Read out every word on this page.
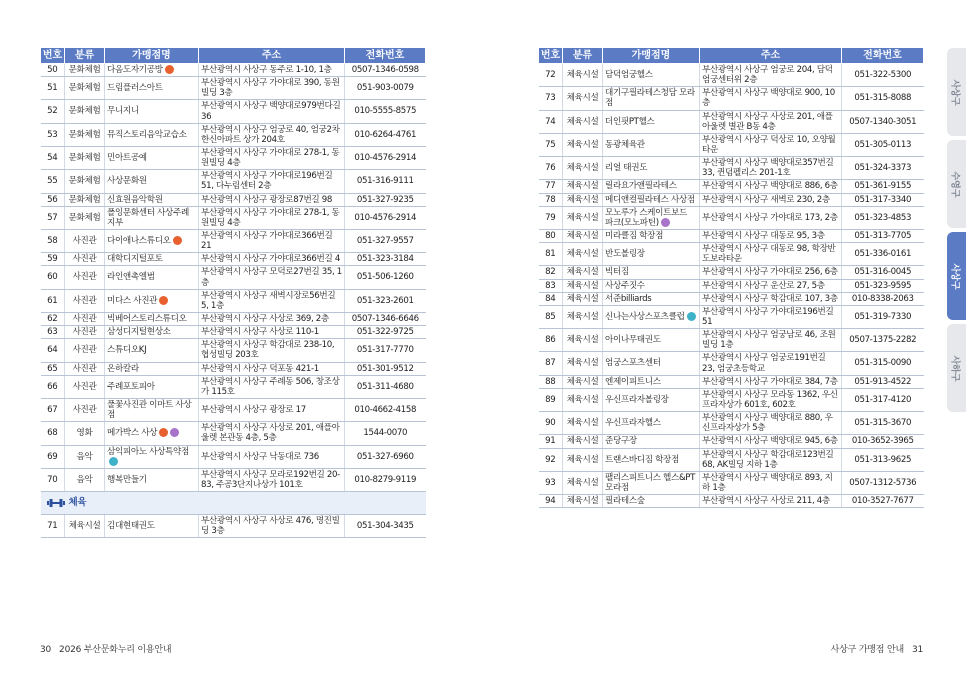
번호	분류	가맹점명	주소	전화번호
50	문화체험	다옴도자기공방	부산광역시 사상구 동주로 1-10, 1층	0507-1346-0598
51	문화체험	드림플러스아트	부산광역시 사상구 가야대로 390, 동원빌딩 3층	051-903-0079
52	문화체험	무니지니	부산광역시 사상구 백양대로979번다길 36	010-5555-8575
53	문화체험	뮤직스토리음악교습소	부산광역시 사상구 엄궁로 40, 엄궁2차한신아파트 상가 204호	010-6264-4761
54	문화체험	민아트공예	부산광역시 사상구 가야대로 278-1, 동원빌딩 4층	010-4576-2914
55	문화체험	사상문화원	부산광역시 사상구 가야대로196번길 51, 다누림센터 2층	051-316-9111
56	문화체험	신효원음악학원	부산광역시 사상구 광장로87번길 98	051-327-9235
57	문화체험	폴잉문화센터 사상주례지부	부산광역시 사상구 가야대로 278-1, 동원빌딩 4층	010-4576-2914
58	사진관	다이애나스튜디오	부산광역시 사상구 가야대로366번길 21	051-327-9557
59	사진관	대학디지털포토	부산광역시 사상구 가야대로366번길 4	051-323-3184
60	사진관	라인앤촉엘범	부산광역시 사상구 모덕로27번길 35, 1층	051-506-1260
61	사진관	미다스 사진관	부산광역시 사상구 새벽시장로56번길 5, 1층	051-323-2601
62	사진관	빅베어스토리스튜디오	부산광역시 사상구 사상로 369, 2층	0507-1346-6646
63	사진관	삼성디지털현상소	부산광역시 사상구 사상로 110-1	051-322-9725
64	사진관	스튜디오KJ	부산광역시 사상구 학감대로 238-10, 협성빌딩 203호	051-317-7770
65	사진관	온하칼라	부산광역시 사상구 덕포동 421-1	051-301-9512
66	사진관	주례포토피아	부산광역시 사상구 주례동 506, 창조상가 115호	051-311-4680
67	사진관	풀꽃사진관 이마트 사상점	부산광역시 사상구 광장로 17	010-4662-4158
68	영화	메가박스 사상	부산광역시 사상구 사상로 201, 애플아울렛 본관동 4층, 5층	1544-0070
69	음악	삼익피아노 사상특약점	부산광역시 사상구 낙동대로 736	051-327-6960
70	음악	행복만들기	부산광역시 사상구 모라로192번길 20-83, 주공3단지나상가 101호	010-8279-9119
체육				
71	체육시설	김대현태권도	부산광역시 사상구 사상로 476, 명진빌딩 3층	051-304-3435
번호	분류	가맹점명	주소	전화번호
72	체육시설	담덕엄궁헬스	부산광역시 사상구 엄궁로 204, 담덕엄궁센터위 2층	051-322-5300
73	체육시설	대기구필라테스청담 모라점	부산광역시 사상구 백양대로 900, 10층	051-315-8088
74	체육시설	더인핏PT헬스	부산광역시 사상구 사상로 201, 애플아울렛 별관 B동 4층	0507-1340-3051
75	체육시설	동광체육관	부산광역시 사상구 덕상로 10, 오양월타운	051-305-0113
76	체육시설	리얼 태권도	부산광역시 사상구 백양대로357번길 33, 퀸덤펠리스 201-1호	051-324-3373
77	체육시설	릴라요가앤필라테스	부산광역시 사상구 백양대로 886, 6층	051-361-9155
78	체육시설	메디앤컬필라테스 사상점	부산광역시 사상구 새벽로 230, 2층	051-317-3340
79	체육시설	모노루가 스케이트보드 파크(모노파틴)	부산광역시 사상구 가야대로 173, 2층	051-323-4853
80	체육시설	미라클짐 학장점	부산광역시 사상구 대동로 95, 3층	051-313-7705
81	체육시설	반도볼링장	부산광역시 사상구 대동로 98, 학장반도보라타운	051-336-0161
82	체육시설	빅터짐	부산광역시 사상구 가야대로 256, 6층	051-316-0045
83	체육시설	사상주짓수	부산광역시 사상구 운산로 27, 5층	051-323-9595
84	체육시설	서준billiards	부산광역시 사상구 학감대로 107, 3층	010-8338-2063
85	체육시설	신나는사상스포츠클럽	부산광역시 사상구 가야대로196번길 51	051-319-7330
86	체육시설	아이나무태권도	부산광역시 사상구 엄궁남로 46, 조원빌딩 1층	0507-1375-2282
87	체육시설	엄궁스포츠센터	부산광역시 사상구 엄궁로191번길 23, 엄궁초등학교	051-315-0090
88	체육시설	엔제이피트니스	부산광역시 사상구 가야대로 384, 7층	051-913-4522
89	체육시설	우신프라자볼링장	부산광역시 사상구 모라동 1362, 우신프라자상가 601호, 602호	051-317-4120
90	체육시설	우신프라자헬스	부산광역시 사상구 백양대로 880, 우신프라자상가 5층	051-315-3670
91	체육시설	준당구장	부산광역시 사상구 백양대로 945, 6층	010-3652-3965
92	체육시설	트랜스바디짐 학장점	부산광역시 사상구 학감대로123번길 68, AK빌딩 지하 1층	051-313-9625
93	체육시설	팰리스피트니스 헬스&PT 모라점	부산광역시 사상구 백양대로 893, 지하 1층	0507-1312-5736
94	체육시설	필라테스숲	부산광역시 사상구 사상로 211, 4층	010-3527-7677
30 2026 부산문화누리 이용안내	사상구 가맹점 안내 31
사상구
수영구
사상구
사하구
